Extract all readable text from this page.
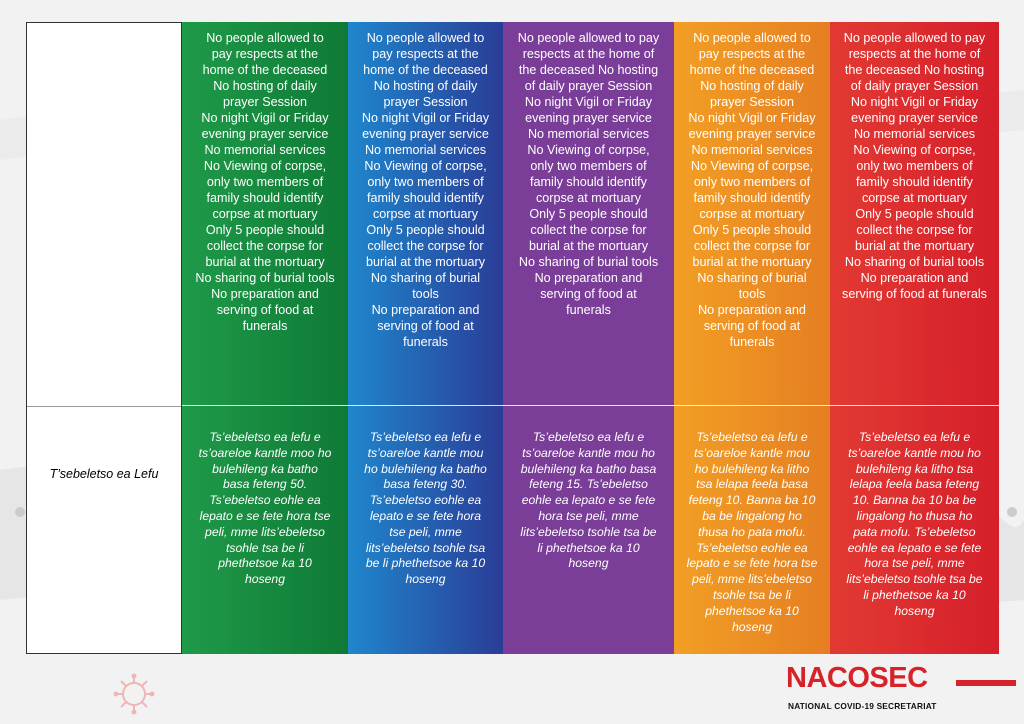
T’sebeletso ea Lefu
No people allowed to
pay respects at the
home of the deceased
No hosting of daily
prayer Session
No night Vigil or Friday
evening prayer service
No memorial services
No Viewing of corpse,
only two members of
family should identify
corpse at mortuary
Only 5 people should
collect the corpse for
burial at the mortuary
No sharing of burial tools
No preparation and
serving of food at
funerals
Ts’ebeletso ea lefu e
ts’oareloe kantle moo ho
bulehileng ka batho
basa feteng 50.
Ts’ebeletso eohle ea
lepato e se fete hora tse
peli, mme lits’ebeletso
tsohle tsa be li
phethetsoe ka 10
hoseng
No people allowed to
pay respects at the
home of the deceased
No hosting of daily
prayer Session
No night Vigil or Friday
evening prayer service
No memorial services
No Viewing of corpse,
only two members of
family should identify
corpse at mortuary
Only 5 people should
collect the corpse for
burial at the mortuary
No sharing of burial
tools
No preparation and
serving of food at
funerals
Ts’ebeletso ea lefu e
ts’oareloe kantle mou
ho bulehileng ka batho
basa feteng 30.
Ts’ebeletso eohle ea
lepato e se fete hora
tse peli, mme
lits’ebeletso tsohle tsa
be li phethetsoe ka 10
hoseng
No people allowed to pay
respects at the home of
the deceased No hosting
of daily prayer Session
No night Vigil or Friday
evening prayer service
No memorial services
No Viewing of corpse,
only two members of
family should identify
corpse at mortuary
Only 5 people should
collect the corpse for
burial at the mortuary
No sharing of burial tools
No preparation and
serving of food at
funerals
Ts’ebeletso ea lefu e
ts’oareloe kantle mou ho
bulehileng ka batho basa
feteng 15. Ts’ebeletso
eohle ea lepato e se fete
hora tse peli, mme
lits’ebeletso tsohle tsa be
li phethetsoe ka 10
hoseng
No people allowed to
pay respects at the
home of the deceased
No hosting of daily
prayer Session
No night Vigil or Friday
evening prayer service
No memorial services
No Viewing of corpse,
only two members of
family should identify
corpse at mortuary
Only 5 people should
collect the corpse for
burial at the mortuary
No sharing of burial
tools
No preparation and
serving of food at
funerals
Ts’ebeletso ea lefu e
ts’oareloe kantle mou
ho bulehileng ka litho
tsa lelapa feela basa
feteng 10. Banna ba 10
ba be lingalong ho
thusa ho pata mofu.
Ts’ebeletso eohle ea
lepato e se fete hora tse
peli, mme lits’ebeletso
tsohle tsa be li
phethetsoe ka 10
hoseng
No people allowed to pay
respects at the home of
the deceased No hosting
of daily prayer Session
No night Vigil or Friday
evening prayer service
No memorial services
No Viewing of corpse,
only two members of
family should identify
corpse at mortuary
Only 5 people should
collect the corpse for
burial at the mortuary
No sharing of burial tools
No preparation and
serving of food at funerals
Ts’ebeletso ea lefu e
ts’oareloe kantle mou ho
bulehileng ka litho tsa
lelapa feela basa feteng
10. Banna ba 10 ba be
lingalong ho thusa ho
pata mofu. Ts’ebeletso
eohle ea lepato e se fete
hora tse peli, mme
lits’ebeletso tsohle tsa be
li phethetsoe ka 10
hoseng
NACOSEC
NATIONAL COVID-19 SECRETARIAT
